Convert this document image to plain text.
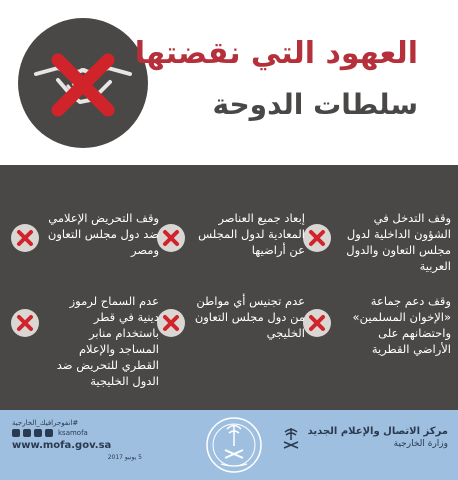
العهود التي نقضتها
سلطات الدوحة
وقف التدخل في الشؤون الداخلية لدول مجلس التعاون والدول العربية
إبعاد جميع العناصر المعادية لدول المجلس عن أراضيها
وقف التحريض الإعلامي ضد دول مجلس التعاون ومصر
وقف دعم جماعة «الإخوان المسلمين» واحتضانهم على الأراضي القطرية
عدم تجنيس أي مواطن من دول مجلس التعاون الخليجي
عدم السماح لرموز دينية في قطر باستخدام منابر المساجد والإعلام القطري للتحريض ضد الدول الخليجية
#انفوجرافيك_الخارجية
ksamofa
www.mofa.gov.sa
5 يونيو 2017
مركز الاتصال والإعلام الجديد
وزارة الخارجية
